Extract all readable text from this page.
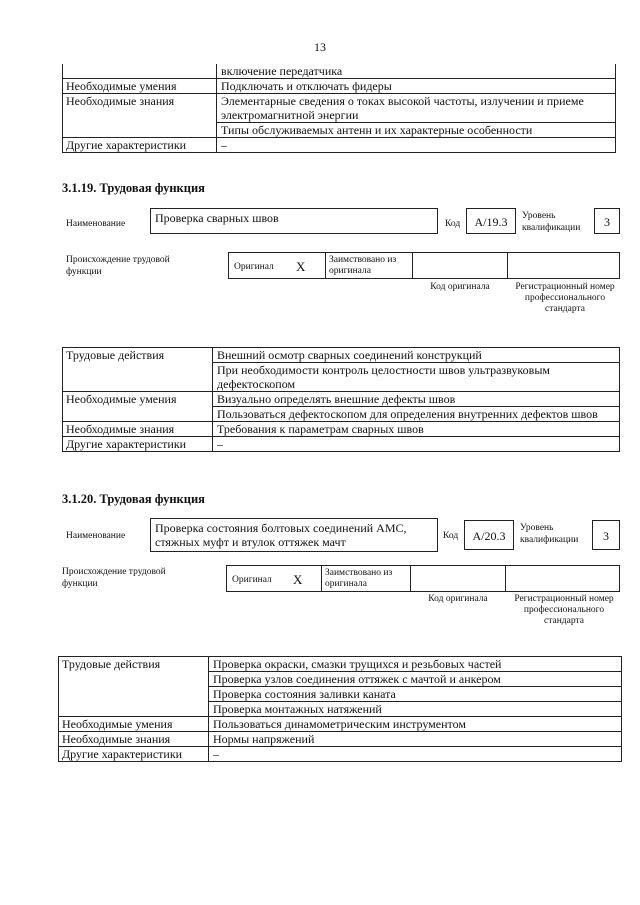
13
	включение передатчика
Необходимые умения	Подключать и отключать фидеры
Необходимые знания	Элементарные сведения о токах высокой частоты, излучении и приеме электромагнитной энергии
	Типы обслуживаемых антенн и их характерные особенности
Другие характеристики	–
3.1.19. Трудовая функция
Наименование	Проверка сварных швов	Код	A/19.3	Уровень квалификации	3
Происхождение трудовой функции	Оригинал X	Заимствовано из оригинала
Код оригинала	Регистрационный номер профессионального стандарта
Трудовые действия	Внешний осмотр сварных соединений конструкций
	При необходимости контроль целостности швов ультразвуковым дефектоскопом
Необходимые умения	Визуально определять внешние дефекты швов
	Пользоваться дефектоскопом для определения внутренних дефектов швов
Необходимые знания	Требования к параметрам сварных швов
Другие характеристики	–
3.1.20. Трудовая функция
Наименование
Проверка состояния болтовых соединений АМС, стяжных муфт и втулок оттяжек мачт	Код	A/20.3
Уровень квалификации	3
Происхождение трудовой функции	Оригинал X	Заимствовано из оригинала
Код оригинала	Регистрационный номер профессионального стандарта
Трудовые действия	Проверка окраски, смазки трущихся и резьбовых частей
	Проверка узлов соединения оттяжек с мачтой и анкером
	Проверка состояния заливки каната
	Проверка монтажных натяжений
Необходимые умения	Пользоваться динамометрическим инструментом
Необходимые знания	Нормы напряжений
Другие характеристики	–
